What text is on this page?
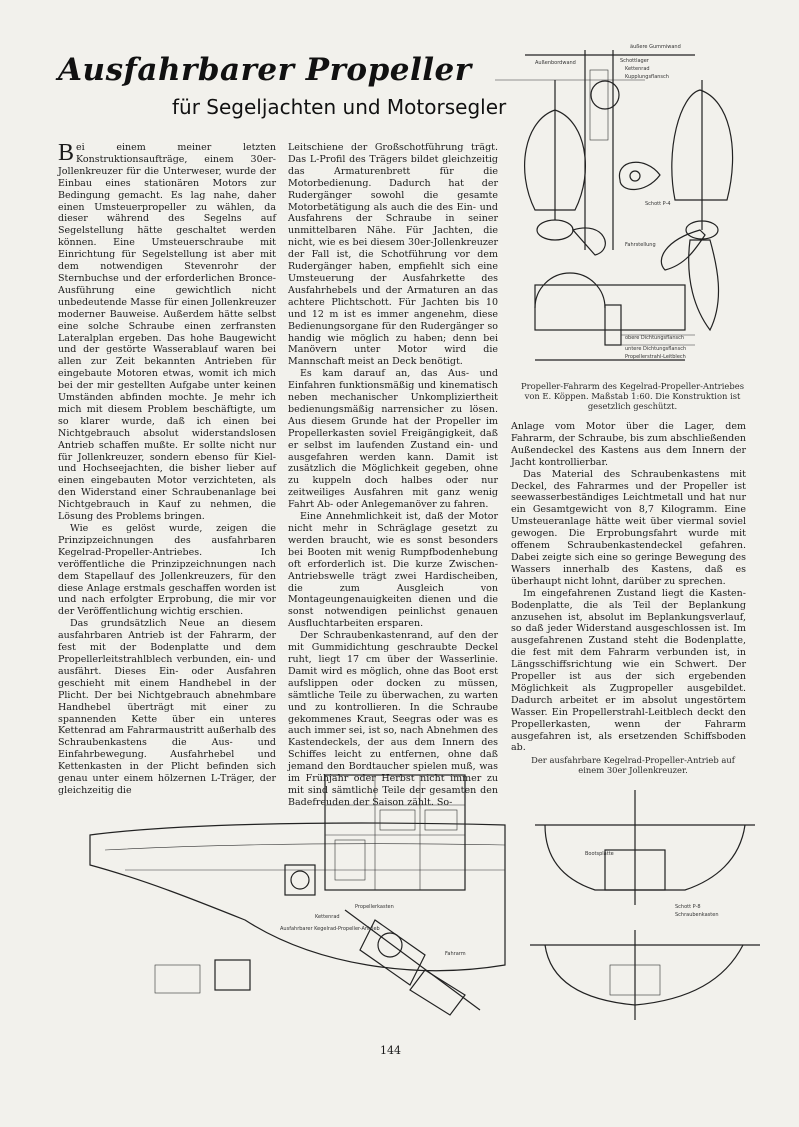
Ausfahrbarer Propeller
für Segeljachten und Motorsegler

Bei einem meiner letzten Konstruktionsaufträge, einem 30er-Jollenkreuzer für die Unterweser, wurde der Einbau eines stationären Motors zur Bedingung gemacht. Es lag nahe, daher einen Umsteuerpropeller zu wählen, da dieser während des Segelns auf Segelstellung hätte geschaltet werden können. Eine Umsteuerschraube mit Einrichtung für Segelstellung ist aber mit dem notwendigen Stevenrohr der Sternbuchse und der erforderlichen Bronce-Ausführung eine gewichtlich nicht unbedeutende Masse für einen Jollenkreuzer moderner Bauweise. Außerdem hätte selbst eine solche Schraube einen zerfransten Lateralplan ergeben. Das hohe Baugewicht und der gestörte Wasserablauf waren bei allen zur Zeit bekannten Antrieben für eingebaute Motoren etwas, womit ich mich bei der mir gestellten Aufgabe unter keinen Umständen abfinden mochte. Je mehr ich mich mit diesem Problem beschäftigte, um so klarer wurde, daß ich einen bei Nichtgebrauch absolut widerstandslosen Antrieb schaffen mußte. Er sollte nicht nur für Jollenkreuzer, sondern ebenso für Kiel- und Hochseejachten, die bisher lieber auf einen eingebauten Motor verzichteten, als den Widerstand einer Schraubenanlage bei Nichtgebrauch in Kauf zu nehmen, die Lösung des Problems bringen.

Wie es gelöst wurde, zeigen die Prinzipzeichnungen des ausfahrbaren Kegelrad-Propeller-Antriebes. Ich veröffentliche die Prinzipzeichnungen nach dem Stapellauf des Jollenkreuzers, für den diese Anlage erstmals geschaffen worden ist und nach erfolgter Erprobung, die mir vor der Veröffentlichung wichtig erschien.

Das grundsätzlich Neue an diesem ausfahrbaren Antrieb ist der Fahrarm, der fest mit der Bodenplatte und dem Propellerleitstrahlblech verbunden, ein- und ausfährt. Dieses Ein- oder Ausfahren geschieht mit einem Handhebel in der Plicht. Der bei Nichtgebrauch abnehmbare Handhebel überträgt mit einer zu spannenden Kette über ein unteres Kettenrad am Fahrarmaustritt außerhalb des Schraubenkastens die Aus- und Einfahrbewegung. Ausfahrhebel und Kettenkasten in der Plicht befinden sich genau unter einem hölzernen L-Träger, der gleichzeitig die

Leitschiene der Großschotführung trägt. Das L-Profil des Trägers bildet gleichzeitig das Armaturenbrett für die Motorbedienung. Dadurch hat der Rudergänger sowohl die gesamte Motorbetätigung als auch die des Ein- und Ausfahrens der Schraube in seiner unmittelbaren Nähe. Für Jachten, die nicht, wie es bei diesem 30er-Jollenkreuzer der Fall ist, die Schotführung vor dem Rudergänger haben, empfiehlt sich eine Umsteuerung der Ausfahrkette des Ausfahrhebels und der Armaturen an das achtere Plichtschott. Für Jachten bis 10 und 12 m ist es immer angenehm, diese Bedienungsorgane für den Rudergänger so handig wie möglich zu haben; denn bei Manövern unter Motor wird die Mannschaft meist an Deck benötigt.

Es kam darauf an, das Aus- und Einfahren funktionsmäßig und kinematisch neben mechanischer Unkompliziertheit bedienungsmäßig narrensicher zu lösen. Aus diesem Grunde hat der Propeller im Propellerkasten soviel Freigängigkeit, daß er selbst im laufenden Zustand ein- und ausgefahren werden kann. Damit ist zusätzlich die Möglichkeit gegeben, ohne zu kuppeln doch halbes oder nur zeitweiliges Ausfahren mit ganz wenig Fahrt Ab- oder Anlegemanöver zu fahren.

Eine Annehmlichkeit ist, daß der Motor nicht mehr in Schräglage gesetzt zu werden braucht, wie es sonst besonders bei Booten mit wenig Rumpfbodenhebung oft erforderlich ist. Die kurze Zwischen-Antriebswelle trägt zwei Hardischeiben, die zum Ausgleich von Montageungenauigkeiten dienen und die sonst notwendigen peinlichst genauen Ausfluchtarbeiten ersparen.

Der Schraubenkastenrand, auf den der mit Gummidichtung geschraubte Deckel ruht, liegt 17 cm über der Wasserlinie. Damit wird es möglich, ohne das Boot erst aufslippen oder docken zu müssen, sämtliche Teile zu überwachen, zu warten und zu kontrollieren. In die Schraube gekommenes Kraut, Seegras oder was es auch immer sei, ist so, nach Abnehmen des Kastendeckels, der aus dem Innern des Schiffes leicht zu entfernen, ohne daß jemand den Bordtaucher spielen muß, was im Frühjahr oder Herbst nicht immer zu mit sind sämtliche Teile der gesamten den Badefreuden der Saison zählt. So-

Anlage vom Motor über die Lager, dem Fahrarm, der Schraube, bis zum abschließenden Außendeckel des Kastens aus dem Innern der Jacht kontrollierbar.

Das Material des Schraubenkastens mit Deckel, des Fahrarmes und der Propeller ist seewasserbeständiges Leichtmetall und hat nur ein Gesamtgewicht von 8,7 Kilogramm. Eine Umsteueranlage hätte weit über viermal soviel gewogen. Die Erprobungsfahrt wurde mit offenem Schraubenkastendeckel gefahren. Dabei zeigte sich eine so geringe Bewegung des Wassers innerhalb des Kastens, daß es überhaupt nicht lohnt, darüber zu sprechen.

Im eingefahrenen Zustand liegt die Kasten-Bodenplatte, die als Teil der Beplankung anzusehen ist, absolut im Beplankungsverlauf, so daß jeder Widerstand ausgeschlossen ist. Im ausgefahrenen Zustand steht die Bodenplatte, die fest mit dem Fahrarm verbunden ist, in Längsschiffsrichtung wie ein Schwert. Der Propeller ist aus der sich ergebenden Möglichkeit als Zugpropeller ausgebildet. Dadurch arbeitet er im absolut ungestörtem Wasser. Ein Propellerstrahl-Leitblech deckt den Propellerkasten, wenn der Fahrarm ausgefahren ist, als ersetzenden Schiffsboden ab.

Propeller-Fahrarm des Kegelrad-Propeller-Antriebes von E. Köppen. Maßstab 1:60. Die Konstruktion ist gesetzlich geschützt.
Der ausfahrbare Kegelrad-Propeller-Antrieb auf einem 30er Jollenkreuzer.
äußere Gummiwand
Außenbordwand	Schottlager
Kettenrad
Kupplungsflansch
Schott P-4
Fahrstellung
obere Dichtungsflansch
untere Dichtungsflansch
Propellerstrahl-Leitblech
Ausfahrbarer Kegelrad-Propeller-Antrieb
Kettenrad
Propellerkasten
Fahrarm
Schott P-8
Schraubenkasten
Bootsplatte
144
